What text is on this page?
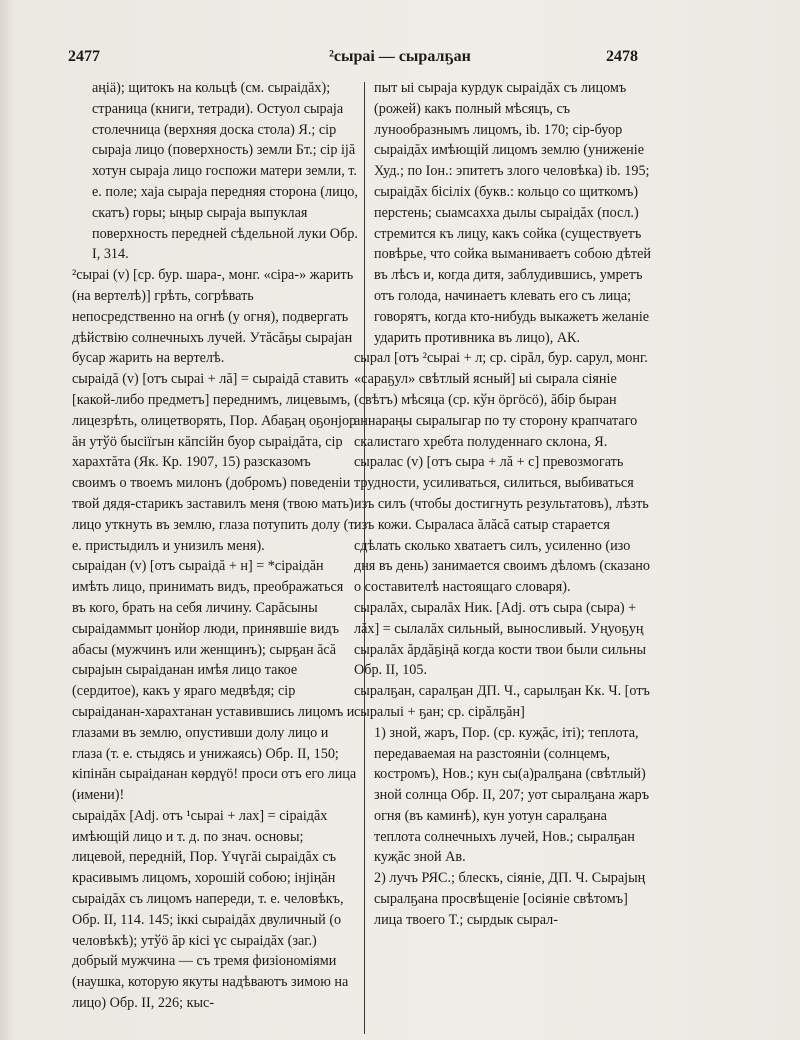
2477	²сыраі — сыралҕан	2478

аңiä); щитокъ на кольцѣ (см. сыраідăх); страница (книги, тетради). Остуол сыраја столечница (верхняя доска стола) Я.; сір сыраја лицо (поверхность) земли Бт.; сір іјă хотун сыраја лицо госпожи матери земли, т. е. поле; хаја сыраја передняя сторона (лицо, скатъ) горы; ыңыр сыраја выпуклая поверхность передней сѣдельной луки Обр. I, 314.

²сыраі (v) [ср. бур. шара-, монг. «сіра-» жарить (на вертелѣ)] грѣть, согрѣвать непосредственно на огнѣ (у огня), подвергать дѣйствію солнечныхъ лучей. Утăсăҕы сырајан бусар жарить на вертелѣ.

сыраідă (v) [отъ сыраі + лă] = сыраідă ставить [какой-либо предметъ] переднимъ, лицевымъ, лицезрѣть, олицетворять, Пор. Абаҕаң оҕонјор ăн утўö бысіїгын кăпсійн буор сыраідăта, сір харахтăта (Як. Кр. 1907, 15) разсказомъ своимъ о твоемъ милонъ (добромъ) поведеніи твой дядя-старикъ заставилъ меня (твою мать) лицо уткнуть въ землю, глаза потупить долу (т. е. пристыдилъ и унизилъ меня).

сыраідан (v) [отъ сыраідă + н] = *сіраідăн имѣть лицо, принимать видъ, преображаться въ кого, брать на себя личину. Сарăсыны сыраідаммыт џонйор люди, принявшіе видъ абасы (мужчинъ или женщинъ); сырҕан ăсă сырајын сыраіданан имѣя лицо такое (сердитое), какъ у яраго медвѣдя; сір сыраіданан-харахтанан уставившись лицомъ и глазами въ землю, опустивши долу лицо и глаза (т. е. стыдясь и унижаясь) Обр. II, 150; кіпінăн сыраіданан көрдүö! проси отъ его лица (имени)!

сыраідăх [Adj. отъ ¹сыраі + лах] = сіраідăх имѣющій лицо и т. д. по знач. основы; лицевой, передній, Пор. Үчүгăі сыраідăх съ красивымъ лицомъ, хорошій собою; інјіңăн сыраідăх съ лицомъ напереди, т. е. человѣкъ, Обр. II, 114. 145; іккі сыраідăх двуличный (о человѣкѣ); утўö ăр кісі үс сыраідăх (заг.) добрый мужчина — съ тремя физіономіями (наушка, которую якуты надѣваютъ зимою на лицо) Обр. II, 226; кыс-

пыт ыі сыраја курдук сыраідăх съ лицомъ (рожей) какъ полный мѣсяцъ, съ лунообразнымъ лицомъ, ib. 170; сір-буор сыраідăх имѣющій лицомъ землю (униженіе Худ.; по Іон.: эпитетъ злого человѣка) ib. 195; сыраідăх бісіліх (букв.: кольцо со щиткомъ) перстень; сыамсахха дылы сыраідăх (посл.) стремится къ лицу, какъ сойка (существуетъ повѣрье, что сойка выманиваетъ собою дѣтей въ лѣсъ и, когда дитя, заблудившись, умретъ отъ голода, начинаетъ клевать его съ лица; говорятъ, когда кто-нибудь выкажетъ желаніе ударить противника въ лицо), АК.

сырал [отъ ²сыраі + л; ср. сірăл, бур. сарул, монг. «сараҕул» свѣтлый ясный] ыі сырала сіяніе (свѣтъ) мѣсяца (ср. кўн ӧргӧсӧ), ăбір быран аннараңы сыралыгар по ту сторону крапчатаго скалистаго хребта полуденнаго склона, Я.

сыралас (v) [отъ сыра + лă + с] превозмогать трудности, усиливаться, силиться, выбиваться изъ силъ (чтобы достигнуть результатовъ), лѣзть изъ кожи. Сыраласа ăлăсă сатыр старается сдѣлать сколько хватаетъ силъ, усиленно (изо дня въ день) занимается своимъ дѣломъ (сказано о составителѣ настоящаго словаря).

сыралăх, сыралăх Ник. [Adj. отъ сыра (сыра) + лăх] = сылалăх сильный, выносливый. Уңуоҕуң сыралăх ăрдăҕіңă когда кости твои были сильны Обр. II, 105.

сыралҕан, саралҕан ДП. Ч., сарылҕан Кк. Ч. [отъ сыралыі + ҕан; ср. сірăлҕăн]

1) зной, жаръ, Пор. (ср. куҗăс, іті); теплота, передаваемая на разстояніи (солнцемъ, костромъ), Нов.; кун сы(а)ралҕана (свѣтлый) зной солнца Обр. II, 207; уот сыралҕана жаръ огня (въ каминѣ), кун уотун саралҕана теплота солнечныхъ лучей, Нов.; сыралҕан куҗăс зной Ав.

2) лучъ РЯС.; блескъ, сіяніе, ДП. Ч. Сырајың сыралҕана просвѣщеніе [осіяніе свѣтомъ] лица твоего Т.; сырдык сырал-
